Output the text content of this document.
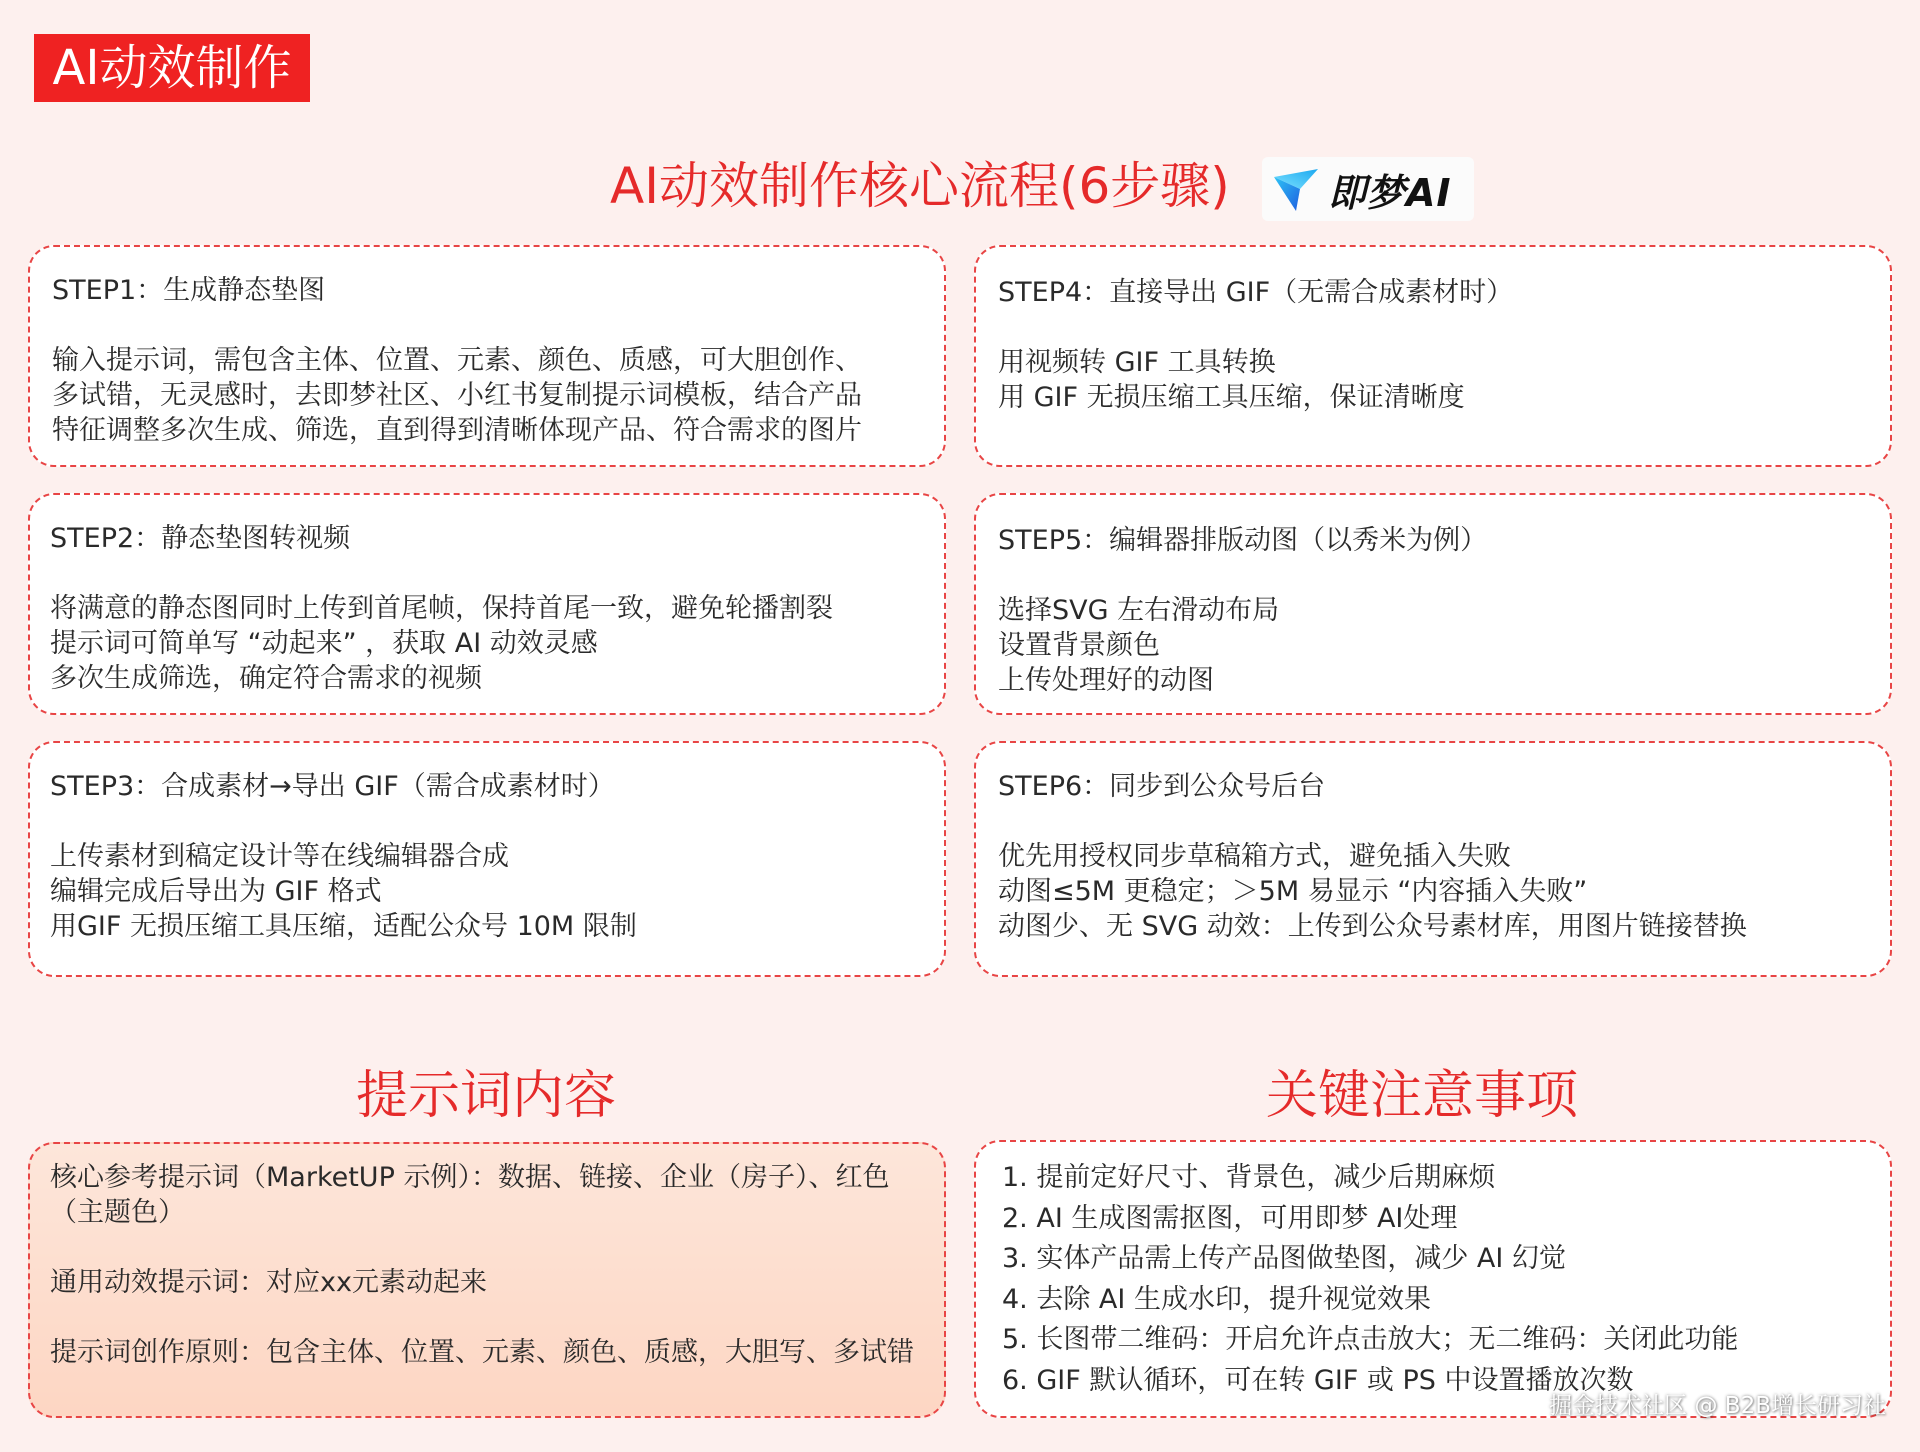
AI动效制作
AI动效制作核心流程(6步骤)	即梦AI
STEP1：生成静态垫图
输入提示词，需包含主体、位置、元素、颜色、质感，可大胆创作、
多试错，无灵感时，去即梦社区、小红书复制提示词模板，结合产品
特征调整多次生成、筛选，直到得到清晰体现产品、符合需求的图片
STEP2：静态垫图转视频
将满意的静态图同时上传到首尾帧，保持首尾一致，避免轮播割裂
提示词可简单写 “动起来” ，获取 AI 动效灵感
多次生成筛选，确定符合需求的视频
STEP3：合成素材→导出 GIF（需合成素材时）
上传素材到稿定设计等在线编辑器合成
编辑完成后导出为 GIF 格式
用GIF 无损压缩工具压缩，适配公众号 10M 限制
STEP4：直接导出 GIF（无需合成素材时）
用视频转 GIF 工具转换
用 GIF 无损压缩工具压缩，保证清晰度
STEP5：编辑器排版动图（以秀米为例）
选择SVG 左右滑动布局
设置背景颜色
上传处理好的动图
STEP6：同步到公众号后台
优先用授权同步草稿箱方式，避免插入失败
动图≤5M 更稳定；＞5M 易显示 “内容插入失败”
动图少、无 SVG 动效：上传到公众号素材库，用图片链接替换
提示词内容	关键注意事项
核心参考提示词（MarketUP 示例）：数据、链接、企业（房子）、红色（主题色）
通用动效提示词：对应xx元素动起来
提示词创作原则：包含主体、位置、元素、颜色、质感，大胆写、多试错
1. 提前定好尺寸、背景色，减少后期麻烦
2. AI 生成图需抠图，可用即梦 AI处理
3. 实体产品需上传产品图做垫图，减少 AI 幻觉
4. 去除 AI 生成水印，提升视觉效果
5. 长图带二维码：开启允许点击放大；无二维码：关闭此功能
6. GIF 默认循环，可在转 GIF 或 PS 中设置播放次数
掘金技术社区 @ B2B增长研习社
